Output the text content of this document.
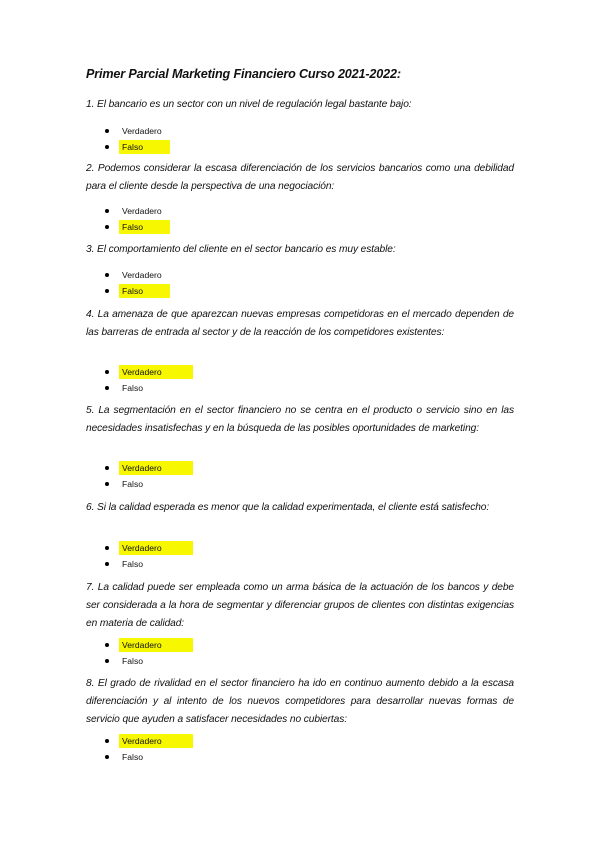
Primer Parcial Marketing Financiero Curso 2021-2022:

1. El bancario es un sector con un nivel de regulación legal bastante bajo:

Verdadero
Falso

2. Podemos considerar la escasa diferenciación de los servicios bancarios como una debilidad para el cliente desde la perspectiva de una negociación:

Verdadero
Falso

3. El comportamiento del cliente en el sector bancario es muy estable:

Verdadero
Falso

4. La amenaza de que aparezcan nuevas empresas competidoras en el mercado dependen de las barreras de entrada al sector y de la reacción de los competidores existentes:

Verdadero
Falso

5. La segmentación en el sector financiero no se centra en el producto o servicio sino en las necesidades insatisfechas y en la búsqueda de las posibles oportunidades de marketing:

Verdadero
Falso

6. Si la calidad esperada es menor que la calidad experimentada, el cliente está satisfecho:

Verdadero
Falso

7. La calidad puede ser empleada como un arma básica de la actuación de los bancos y debe ser considerada a la hora de segmentar y diferenciar grupos de clientes con distintas exigencias en materia de calidad:

Verdadero
Falso

8. El grado de rivalidad en el sector financiero ha ido en continuo aumento debido a la escasa diferenciación y al intento de los nuevos competidores para desarrollar nuevas formas de servicio que ayuden a satisfacer necesidades no cubiertas:

Verdadero
Falso
